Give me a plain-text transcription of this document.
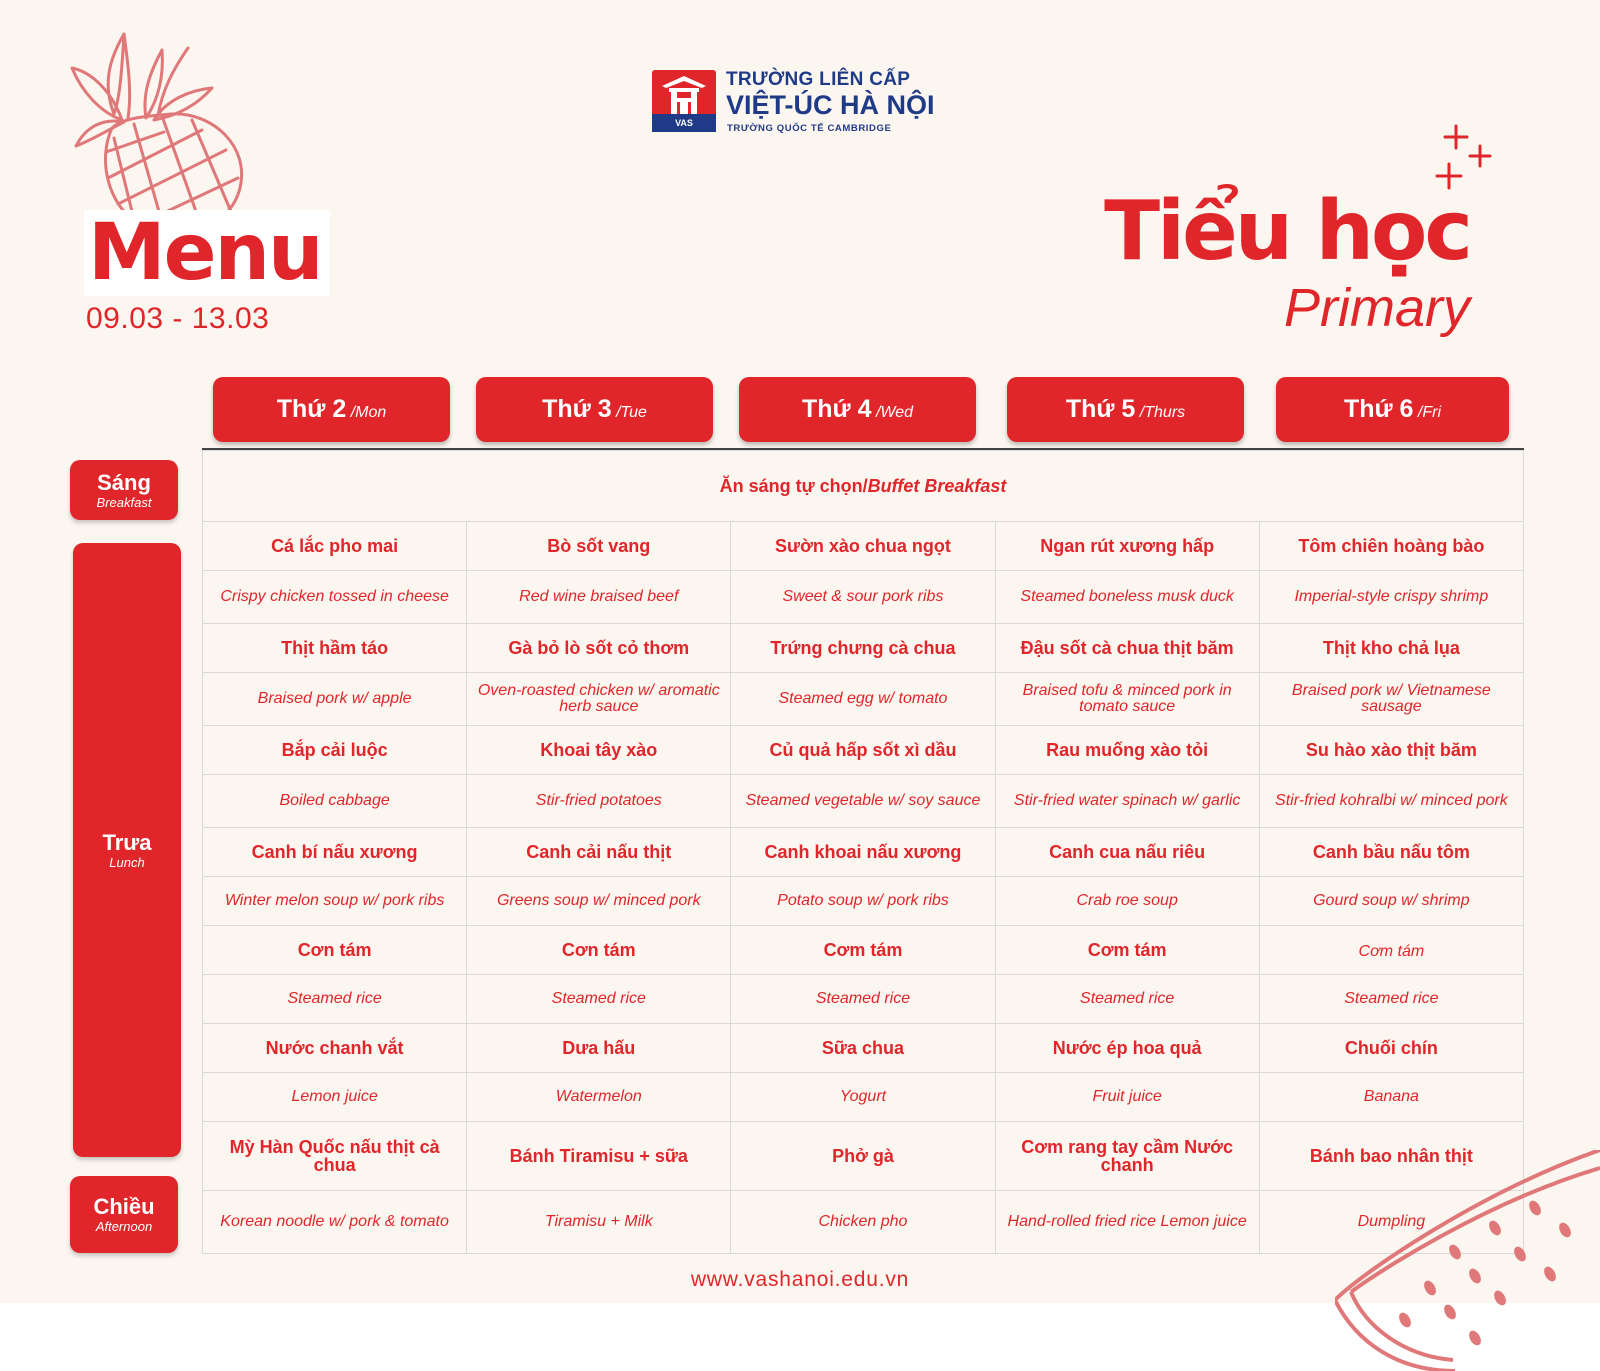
VAS
TRƯỜNG LIÊN CẤP
VIỆT-ÚC HÀ NỘI
TRƯỜNG QUỐC TẾ CAMBRIDGE
Menu
09.03 - 13.03
Tiểu học
Primary
Thứ 2 /Mon	Thứ 3 /Tue	Thứ 4 /Wed	Thứ 5 /Thurs	Thứ 6 /Fri
Sáng
Breakfast
Trưa
Lunch
Chiều
Afternoon
Ăn sáng tự chọn/Buffet Breakfast				
Cá lắc pho mai	Bò sốt vang	Sườn xào chua ngọt	Ngan rút xương hấp	Tôm chiên hoàng bào
Crispy chicken tossed in cheese	Red wine braised beef	Sweet & sour pork ribs	Steamed boneless musk duck	Imperial-style crispy shrimp
Thịt hầm táo	Gà bỏ lò sốt cỏ thơm	Trứng chưng cà chua	Đậu sốt cà chua thịt băm	Thịt kho chả lụa
Braised pork w/ apple	Oven-roasted chicken w/ aromatic herb sauce	Steamed egg w/ tomato	Braised tofu & minced pork in tomato sauce	Braised pork w/ Vietnamese sausage
Bắp cải luộc	Khoai tây xào	Củ quả hấp sốt xì dầu	Rau muống xào tỏi	Su hào xào thịt băm
Boiled cabbage	Stir-fried potatoes	Steamed vegetable w/ soy sauce	Stir-fried water spinach w/ garlic	Stir-fried kohralbi w/ minced pork
Canh bí nấu xương	Canh cải nấu thịt	Canh khoai nấu xương	Canh cua nấu riêu	Canh bầu nấu tôm
Winter melon soup w/ pork ribs	Greens soup w/ minced pork	Potato soup w/ pork ribs	Crab roe soup	Gourd soup w/ shrimp
Cơn tám	Cơn tám	Cơm tám	Cơm tám	Cơm tám
Steamed rice	Steamed rice	Steamed rice	Steamed rice	Steamed rice
Nước chanh vắt	Dưa hấu	Sữa chua	Nước ép hoa quả	Chuối chín
Lemon juice	Watermelon	Yogurt	Fruit juice	Banana
Mỳ Hàn Quốc nấu thịt cà chua	Bánh Tiramisu + sữa	Phở gà	Cơm rang tay cầm Nước chanh	Bánh bao nhân thịt
Korean noodle w/ pork & tomato	Tiramisu + Milk	Chicken pho	Hand-rolled fried rice Lemon juice	Dumpling
www.vashanoi.edu.vn
